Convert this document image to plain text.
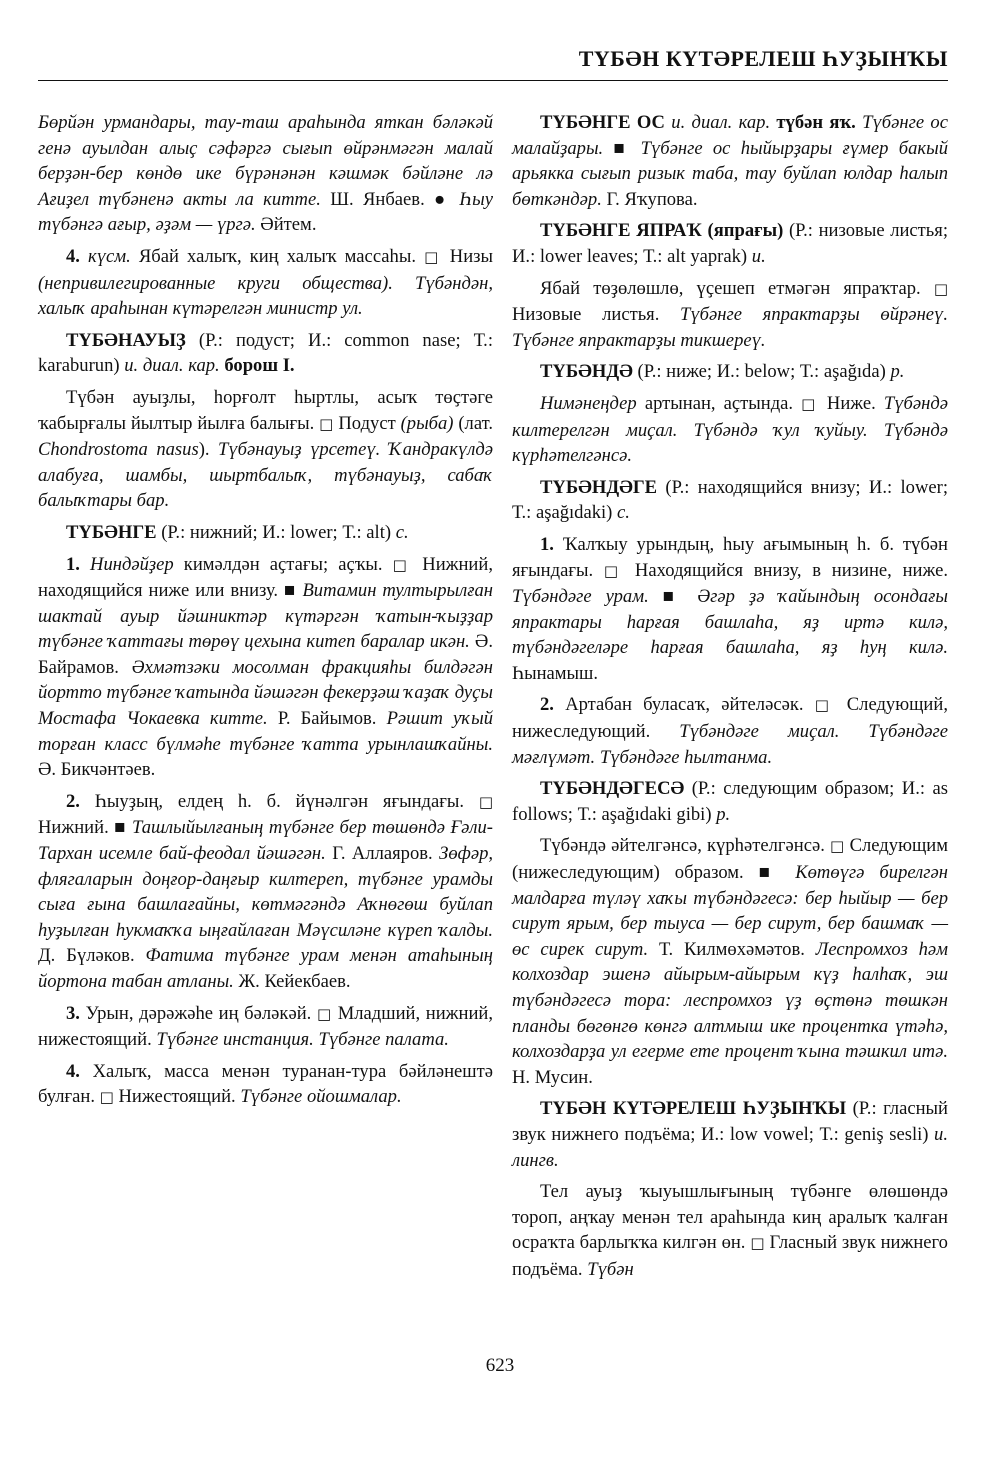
ТҮБӘН КҮТӘРЕЛЕШ ҺУҘЫНҠЫ

Бөрйән урмандары, тау-таш араһында яткан бәләкәй генә ауылдан алыҫ сәфәргә сығып өйрәнмәгән малай берҙән-бер көндө ике бүрәнәнән кәшмәк бәйләне лә Ағиҙел түбәненә акты ла китте. Ш. Янбаев. ● Һыу түбәнгә ағыр, әҙәм — үргә. Әйтем.

4. күсм. Ябай халыҡ, киң халыҡ массаһы. □ Низы (непривилегированные круги общества). Түбәндән, халыҡ араһынан күтәрелгән министр ул.

ТҮБӘНАУЫҘ (Р.: подуст; И.: common nase; Т.: karaburun) и. диал. кар. борош I.

Түбән ауыҙлы, һорғолт һыртлы, асыҡ төҫтәге ҡабырғалы йылтыр йылға балығы. □ Подуст (рыба) (лат. Chondrostoma nasus). Түбәнауыҙ үрсетеү. Ҡандракүлдә алабуға, шамбы, шыртбалыҡ, түбәнауыҙ, сабаҡ балыҡтары бар.

ТҮБӘНГЕ (Р.: нижний; И.: lower; Т.: alt) с.

1. Ниндәйҙер кимәлдән аҫтағы; аҫҡы. □ Нижний, находящийся ниже или внизу. ■ Витамин тултырылған шактай ауыр йәшниктәр күтәргән ҡатын-ҡыҙҙар түбәнге ҡаттағы төрөү цехына китеп баралар икән. Ә. Байрамов. Әхмәтзәки мосолман фракцияһы билдәгән йортто түбәнге ҡатында йәшәгән фекерҙәш ҡаҙаҡ дуҫы Мостафа Чокаевка китте. Р. Байымов. Рәшит уҡый торған класс бүлмәһе түбәнге ҡатта урынлашҡайны. Ә. Бикчәнтәев.

2. Һыуҙың, елдең һ. б. йүнәлгән яғындағы. □ Нижний. ■ Ташлыйылғаның түбәнге бер төшөндә Ғәли-Тархан исемле бай-феодал йәшәгән. Г. Аллаяров. Зөфәр, флягаларын доңғор-даңғыр килтереп, түбәнге урамды сыға ғына башлағайны, көтмәгәндә Аҡнөгөш буйлап һуҙылған һукмаҡҡа ыңғайлаған Мәүсиләне күреп ҡалды. Д. Бүләков. Фатима түбәнге урам менән атаһының йортона табан атланы. Ж. Кейекбаев.

3. Урын, дәрәжәһе иң бәләкәй. □ Младший, нижний, нижестоящий. Түбәнге инстанция. Түбәнге палата.

4. Халыҡ, масса менән туранан-тура бәйләнештә булған. □ Нижестоящий. Түбәнге ойошмалар.

ТҮБӘНГЕ ОС и. диал. кар. түбән яҡ. Түбәнге ос малайҙары. ■ Түбәнге ос һыйырҙары ғүмер бакый арьякка сығып ризык таба, тау буйлап юлдар һалып бөткәндәр. Г. Яҡупова.

ТҮБӘНГЕ ЯПРАҠ (япрағы) (Р.: низовые листья; И.: lower leaves; Т.: alt yaprak) и.

Ябай төҙөлөшлө, үҫешеп етмәгән япраҡтар. □ Низовые листья. Түбәнге япрактарҙы өйрәнеү. Түбәнге япрактарҙы тикшереү.

ТҮБӘНДӘ (Р.: ниже; И.: below; Т.: aşağıda) р.

Нимәнеңдер артынан, аҫтында. □ Ниже. Түбәндә килтерелгән миҫал. Түбәндә ҡул ҡуйыу. Түбәндә күрһәтелгәнсә.

ТҮБӘНДӘГЕ (Р.: находящийся внизу; И.: lower; Т.: aşağıdaki) с.

1. Ҡалҡыу урындың, һыу ағымының һ. б. түбән яғындағы. □ Находящийся внизу, в низине, ниже. Түбәндәге урам. ■ Әгәр ҙә ҡайындың осондағы япрактары һарғая башлаһа, яҙ иртә килә, түбәндәгеләре һарғая башлаһа, яҙ һуң килә. Һынамыш.

2. Артабан буласаҡ, әйтеләсәк. □ Следующий, нижеследующий. Түбәндәге миҫал. Түбәндәге мәғлүмәт. Түбәндәге һылтанма.

ТҮБӘНДӘГЕСӘ (Р.: следующим образом; И.: as follows; Т.: aşağıdaki gibi) р.

Түбәндә әйтелгәнсә, күрһәтелгәнсә. □ Следующим (нижеследующим) образом. ■ Көтөүгә бирелгән малдарға түләү хаҡы түбәндәгесә: бер һыйыр — бер сирут ярым, бер тыуса — бер сирут, бер башмаҡ — өс сирек сирут. Т. Килмөхәмәтов. Леспромхоз һәм колхоздар эшенә айырым-айырым күҙ һалһаҡ, эш түбәндәгесә тора: леспромхоз үҙ өҫтөнә төшкән планды бөгөнгө көнгә алтмыш ике процентка үтәһә, колхоздарҙа ул егерме ете процент ҡына тәшкил итә. Н. Мусин.

ТҮБӘН КҮТӘРЕЛЕШ ҺУҘЫНҠЫ (Р.: гласный звук нижнего подъёма; И.: low vowel; Т.: geniş sesli) и. лингв.

Тел ауыҙ ҡыуышлығының түбәнге өлөшөндә тороп, аңҡау менән тел араһында киң аралыҡ ҡалған осраҡта барлыҡҡа килгән өн. □ Гласный звук нижнего подъёма. Түбән

623
